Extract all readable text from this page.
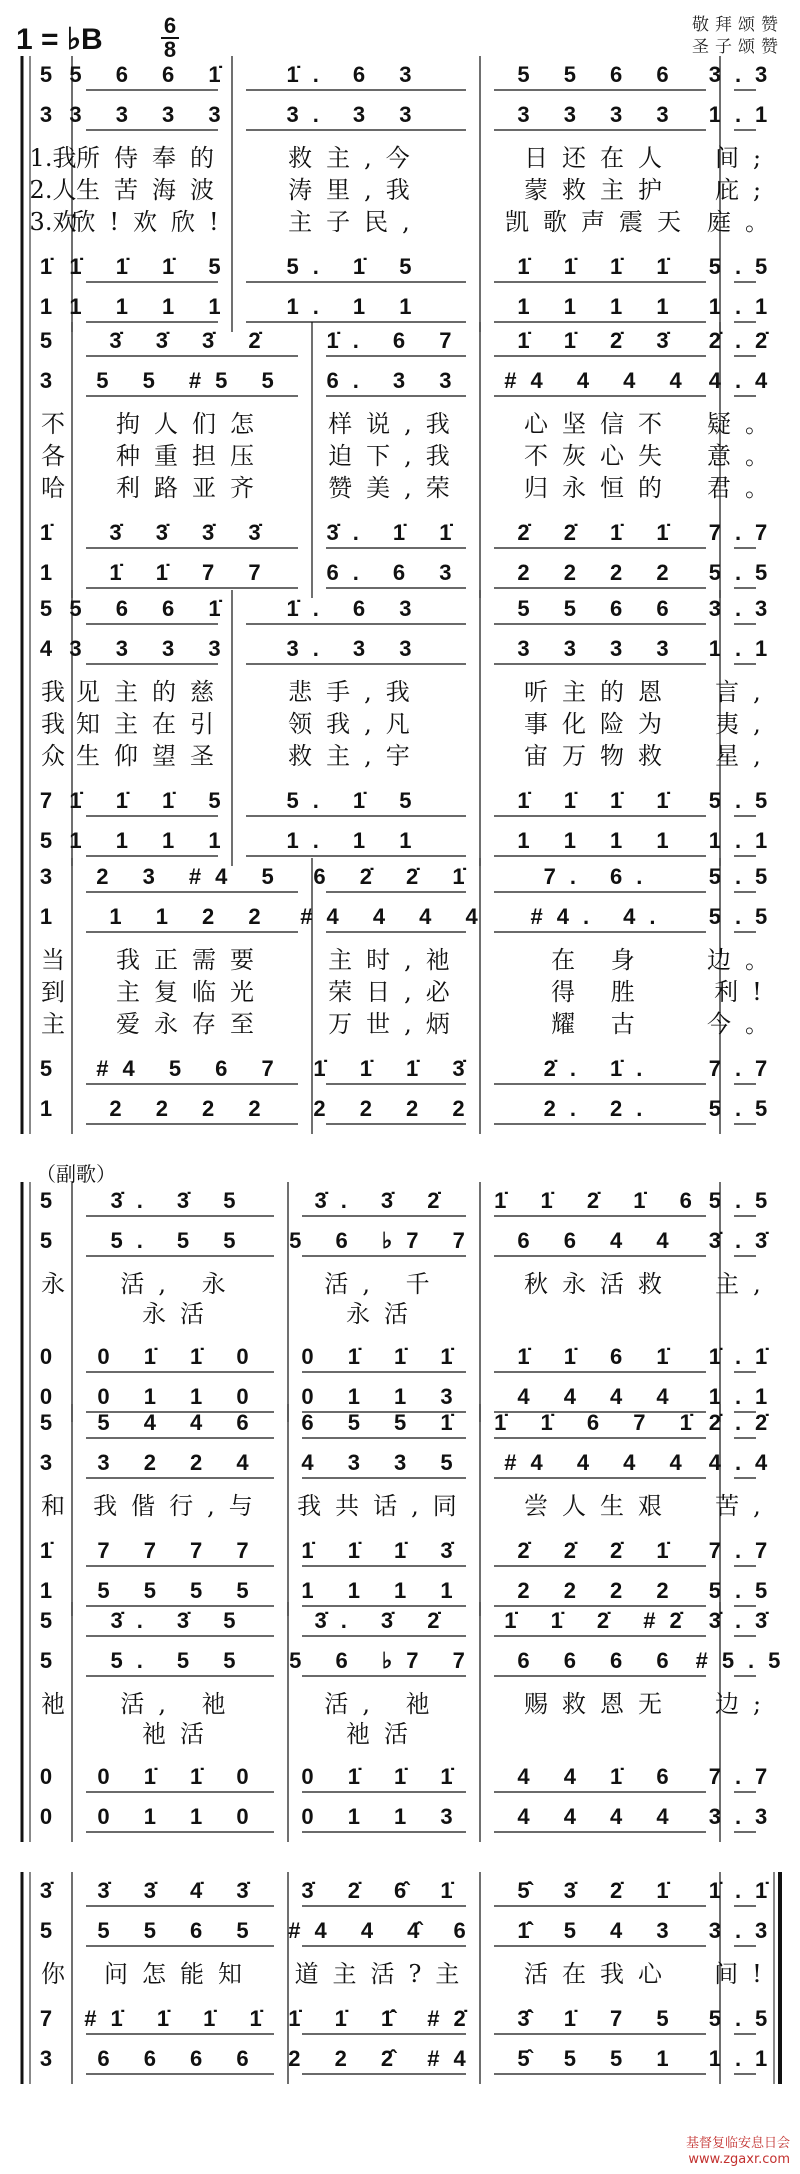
1 = ♭B	6
8
敬拜颂赞
圣子颂赞
（副歌）
5 5 6 6 1̇ 1̇. 6 3	5 5 6 6 3.3
3 3 3 3 3 3. 3 3	3 3 3 3 1.1
1.我 所侍奉的	救主,今	日还在人 间;
2.人 生苦海波	涛里,我	蒙救主护 庇;
3.欢
欣!欢欣! 主子民,	凯歌声震天 庭。
1̇ 1̇ 1̇ 1̇ 5 5. 1̇ 5	1̇ 1̇ 1̇ 1̇ 5.5
1 1 1 1 1 1. 1 1	1 1 1 1 1.1
5 3̇ 3̇ 3̇ 2̇ 1̇. 6 7 1̇ 1̇ 2̇ 3̇ 2̇.2̇
3 5 5 #5 5 6. 3 3 #4 4 4 4 4.4
不 拘人们怎	样说,我	心坚信不 疑。
各 种重担压	迫下,我	不灰心失 意。
哈 利路亚齐	赞美,荣	归永恒的 君。
1̇ 3̇ 3̇ 3̇ 3̇ 3̇. 1̇ 1̇ 2̇ 2̇ 1̇ 1̇ 7.7
1 1̇ 1̇ 7 7 6. 6 3 2 2 2 2 5.5
5 5 6 6 1̇ 1̇. 6 3	5 5 6 6 3.3
4 3 3 3 3 3. 3 3	3 3 3 3 1.1
我 见主的慈	悲手,我	听主的恩 言,
我 知主在引	领我,凡	事化险为 夷,
众 生仰望圣	救主,宇	宙万物救 星,
7 1̇ 1̇ 1̇ 5 5. 1̇ 5	1̇ 1̇ 1̇ 1̇ 5.5
5 1 1 1 1 1. 1 1	1 1 1 1 1.1
3 2 3 #4 5 6 2̇ 2̇ 1̇	7. 6. 5.5
1 1 1 2 2 #4 4 4 4 #4. 4. 5.5
当 我正需要	主时,祂	在 身 边。
到 主复临光	荣日,必	得 胜	利!
主 爱永存至	万世,炳	耀 古 今。
5 #4 5 6 7 1̇ 1̇ 1̇ 3̇	2̇. 1̇. 7.7
1 2 2 2 2 2 2 2 2	2. 2. 5.5
5 3̇. 3̇ 5	3̇. 3̇ 2̇ 1̇ 1̇ 2̇ 1̇ 6 5.5
5 5. 5 5 5 6 ♭7 7 6 6 4 4 3̇.3̇
永 活, 永	活, 千	秋永活救 主,
永活	永活
0 0 1̇ 1̇ 0 0 1̇ 1̇ 1̇ 1̇ 1̇ 6 1̇ 1̇.1̇
0 0 1 1 0 0 1 1 3 4 4 4 4 1.1
5 5 4 4 6 6 5 5 1̇ 1̇ 1̇ 6 7 1̇ 2̇.2̇
3 3 2 2 4 4 3 3 5 #4 4 4 4 4.4
和 我偕行,与 我共话,同 尝人生艰 苦,
1̇ 7 7 7 7 1̇ 1̇ 1̇ 3̇ 2̇ 2̇ 2̇ 1̇ 7.7
1 5 5 5 5 1 1 1 1 2 2 2 2 5.5
5 3̇. 3̇ 5	3̇. 3̇ 2̇ 1̇ 1̇ 2̇ #2̇ 3̇.3̇
5 5. 5 5 5 6 ♭7 7 6 6 6 6 #5.5
祂 活, 祂	活, 祂	赐救恩无 边;
祂活	祂活
0 0 1̇ 1̇ 0 0 1̇ 1̇ 1̇ 4 4 1̇ 6 7.7
0 0 1 1 0 0 1 1 3 4 4 4 4 3.3
3̇ 3̇ 3̇ 4̇ 3̇ 3̇ 2̇ 6̂ 1̇ 5̂̇ 3̇ 2̇ 1̇ 1̇.1̇
5 5 5 6 5 #4 4 4̂ 6 1̂̇ 5 4 3 3.3
你 问怎能知 道主活?主 活在我心 间!
7 #1̇ 1̇ 1̇ 1̇ 1̇ 1̇ 1̂̇ #2̇ 3̂̇ 1̇ 7 5 5.5
3 6 6 6 6 2 2 2̂ #4 5̂ 5 5 1 1.1
基督复临安息日会
www.zgaxr.com
